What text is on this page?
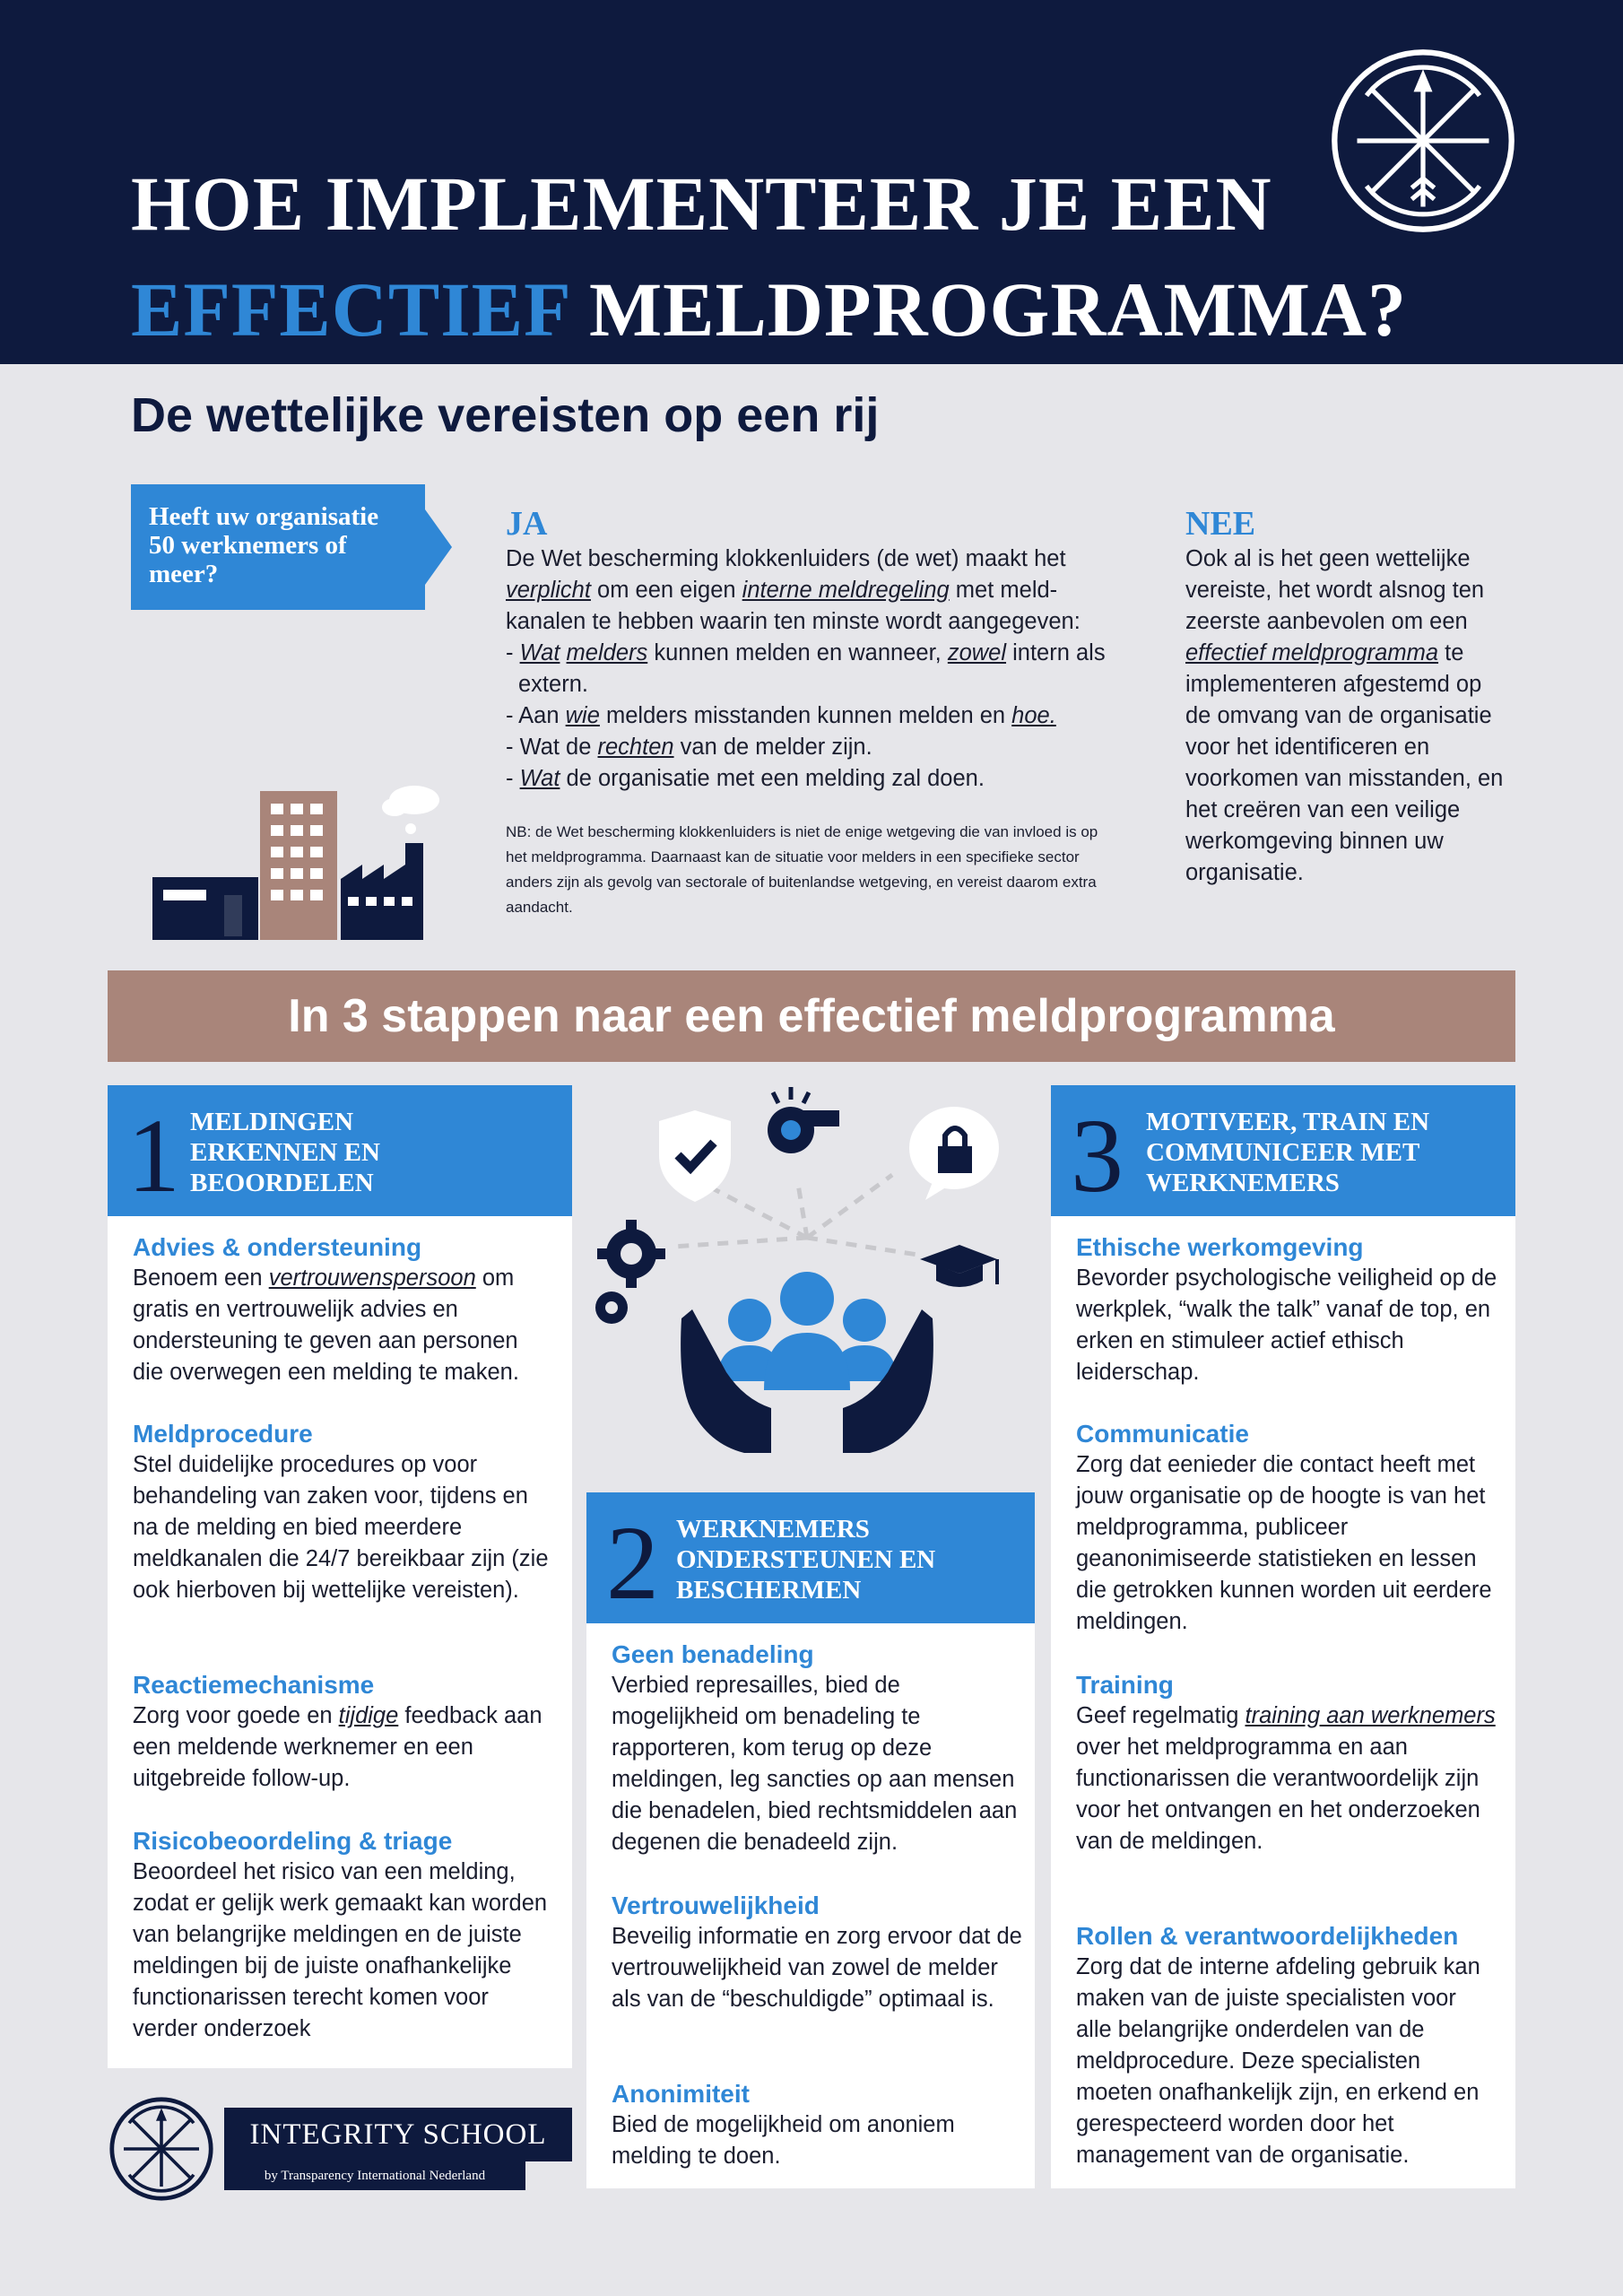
HOE IMPLEMENTEER JE EEN
EFFECTIEF MELDPROGRAMMA?
De wettelijke vereisten op een rij
Heeft uw organisatie 50 werknemers of meer?
JA
De Wet bescherming klokkenluiders (de wet) maakt het verplicht om een eigen interne meldregeling met meld-kanalen te hebben waarin ten minste wordt aangegeven:
- Wat melders kunnen melden en wanneer, zowel intern als extern.
- Aan wie melders misstanden kunnen melden en hoe.
- Wat de rechten van de melder zijn.
- Wat de organisatie met een melding zal doen.
NB: de Wet bescherming klokkenluiders is niet de enige wetgeving die van invloed is op het meldprogramma. Daarnaast kan de situatie voor melders in een specifieke sector anders zijn als gevolg van sectorale of buitenlandse wetgeving, en vereist daarom extra aandacht.
NEE
Ook al is het geen wettelijke vereiste, het wordt alsnog ten zeerste aanbevolen om een effectief meldprogramma te implementeren afgestemd op de omvang van de organisatie voor het identificeren en voorkomen van misstanden, en het creëren van een veilige werkomgeving binnen uw organisatie.
In 3 stappen naar een effectief meldprogramma
1 MELDINGEN ERKENNEN EN BEOORDELEN
Advies & ondersteuning

Benoem een vertrouwenspersoon om gratis en vertrouwelijk advies en ondersteuning te geven aan personen die overwegen een melding te maken.

Meldprocedure

Stel duidelijke procedures op voor behandeling van zaken voor, tijdens en na de melding en bied meerdere meldkanalen die 24/7 bereikbaar zijn (zie ook hierboven bij wettelijke vereisten).

Reactiemechanisme

Zorg voor goede en tijdige feedback aan een meldende werknemer en een uitgebreide follow-up.

Risicobeoordeling & triage

Beoordeel het risico van een melding, zodat er gelijk werk gemaakt kan worden van belangrijke meldingen en de juiste meldingen bij de juiste onafhankelijke functionarissen terecht komen voor verder onderzoek

2 WERKNEMERS ONDERSTEUNEN EN BESCHERMEN
Geen benadeling

Verbied represailles, bied de mogelijkheid om benadeling te rapporteren, kom terug op deze meldingen, leg sancties op aan mensen die benadelen, bied rechtsmiddelen aan degenen die benadeeld zijn.

Vertrouwelijkheid

Beveilig informatie en zorg ervoor dat de vertrouwelijkheid van zowel de melder als van de “beschuldigde” optimaal is.

Anonimiteit

Bied de mogelijkheid om anoniem melding te doen.

3 MOTIVEER, TRAIN EN COMMUNICEER MET WERKNEMERS
Ethische werkomgeving

Bevorder psychologische veiligheid op de werkplek, “walk the talk” vanaf de top, en erken en stimuleer actief ethisch leiderschap.

Communicatie

Zorg dat eenieder die contact heeft met jouw organisatie op de hoogte is van het meldprogramma, publiceer geanonimiseerde statistieken en lessen die getrokken kunnen worden uit eerdere meldingen.

Training

Geef regelmatig training aan werknemers over het meldprogramma en aan functionarissen die verantwoordelijk zijn voor het ontvangen en het onderzoeken van de meldingen.

Rollen & verantwoordelijkheden

Zorg dat de interne afdeling gebruik kan maken van de juiste specialisten voor alle belangrijke onderdelen van de meldprocedure. Deze specialisten moeten onafhankelijk zijn, en erkend en gerespecteerd worden door het management van de organisatie.

INTEGRITY SCHOOL
by Transparency International Nederland
